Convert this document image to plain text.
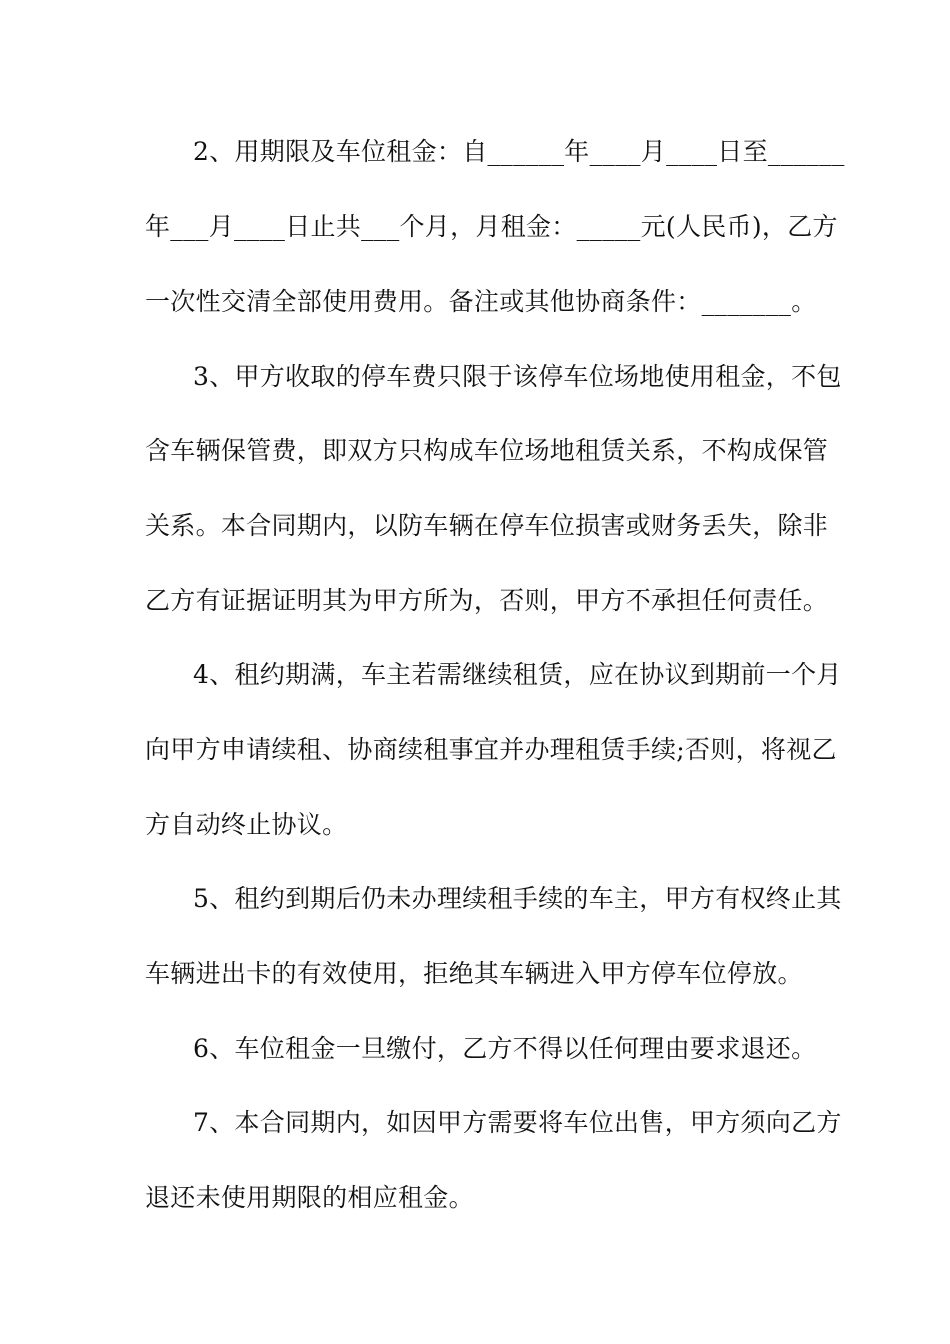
2、用期限及车位租金：自______年____月____日至______
年___月____日止共___个月，月租金：_____元(人民币)，乙方
一次性交清全部使用费用。备注或其他协商条件：_______。
3、甲方收取的停车费只限于该停车位场地使用租金，不包
含车辆保管费，即双方只构成车位场地租赁关系，不构成保管
关系。本合同期内，以防车辆在停车位损害或财务丢失，除非
乙方有证据证明其为甲方所为，否则，甲方不承担任何责任。
4、租约期满，车主若需继续租赁，应在协议到期前一个月
向甲方申请续租、协商续租事宜并办理租赁手续;否则，将视乙
方自动终止协议。
5、租约到期后仍未办理续租手续的车主，甲方有权终止其
车辆进出卡的有效使用，拒绝其车辆进入甲方停车位停放。
6、车位租金一旦缴付，乙方不得以任何理由要求退还。
7、本合同期内，如因甲方需要将车位出售，甲方须向乙方
退还未使用期限的相应租金。
